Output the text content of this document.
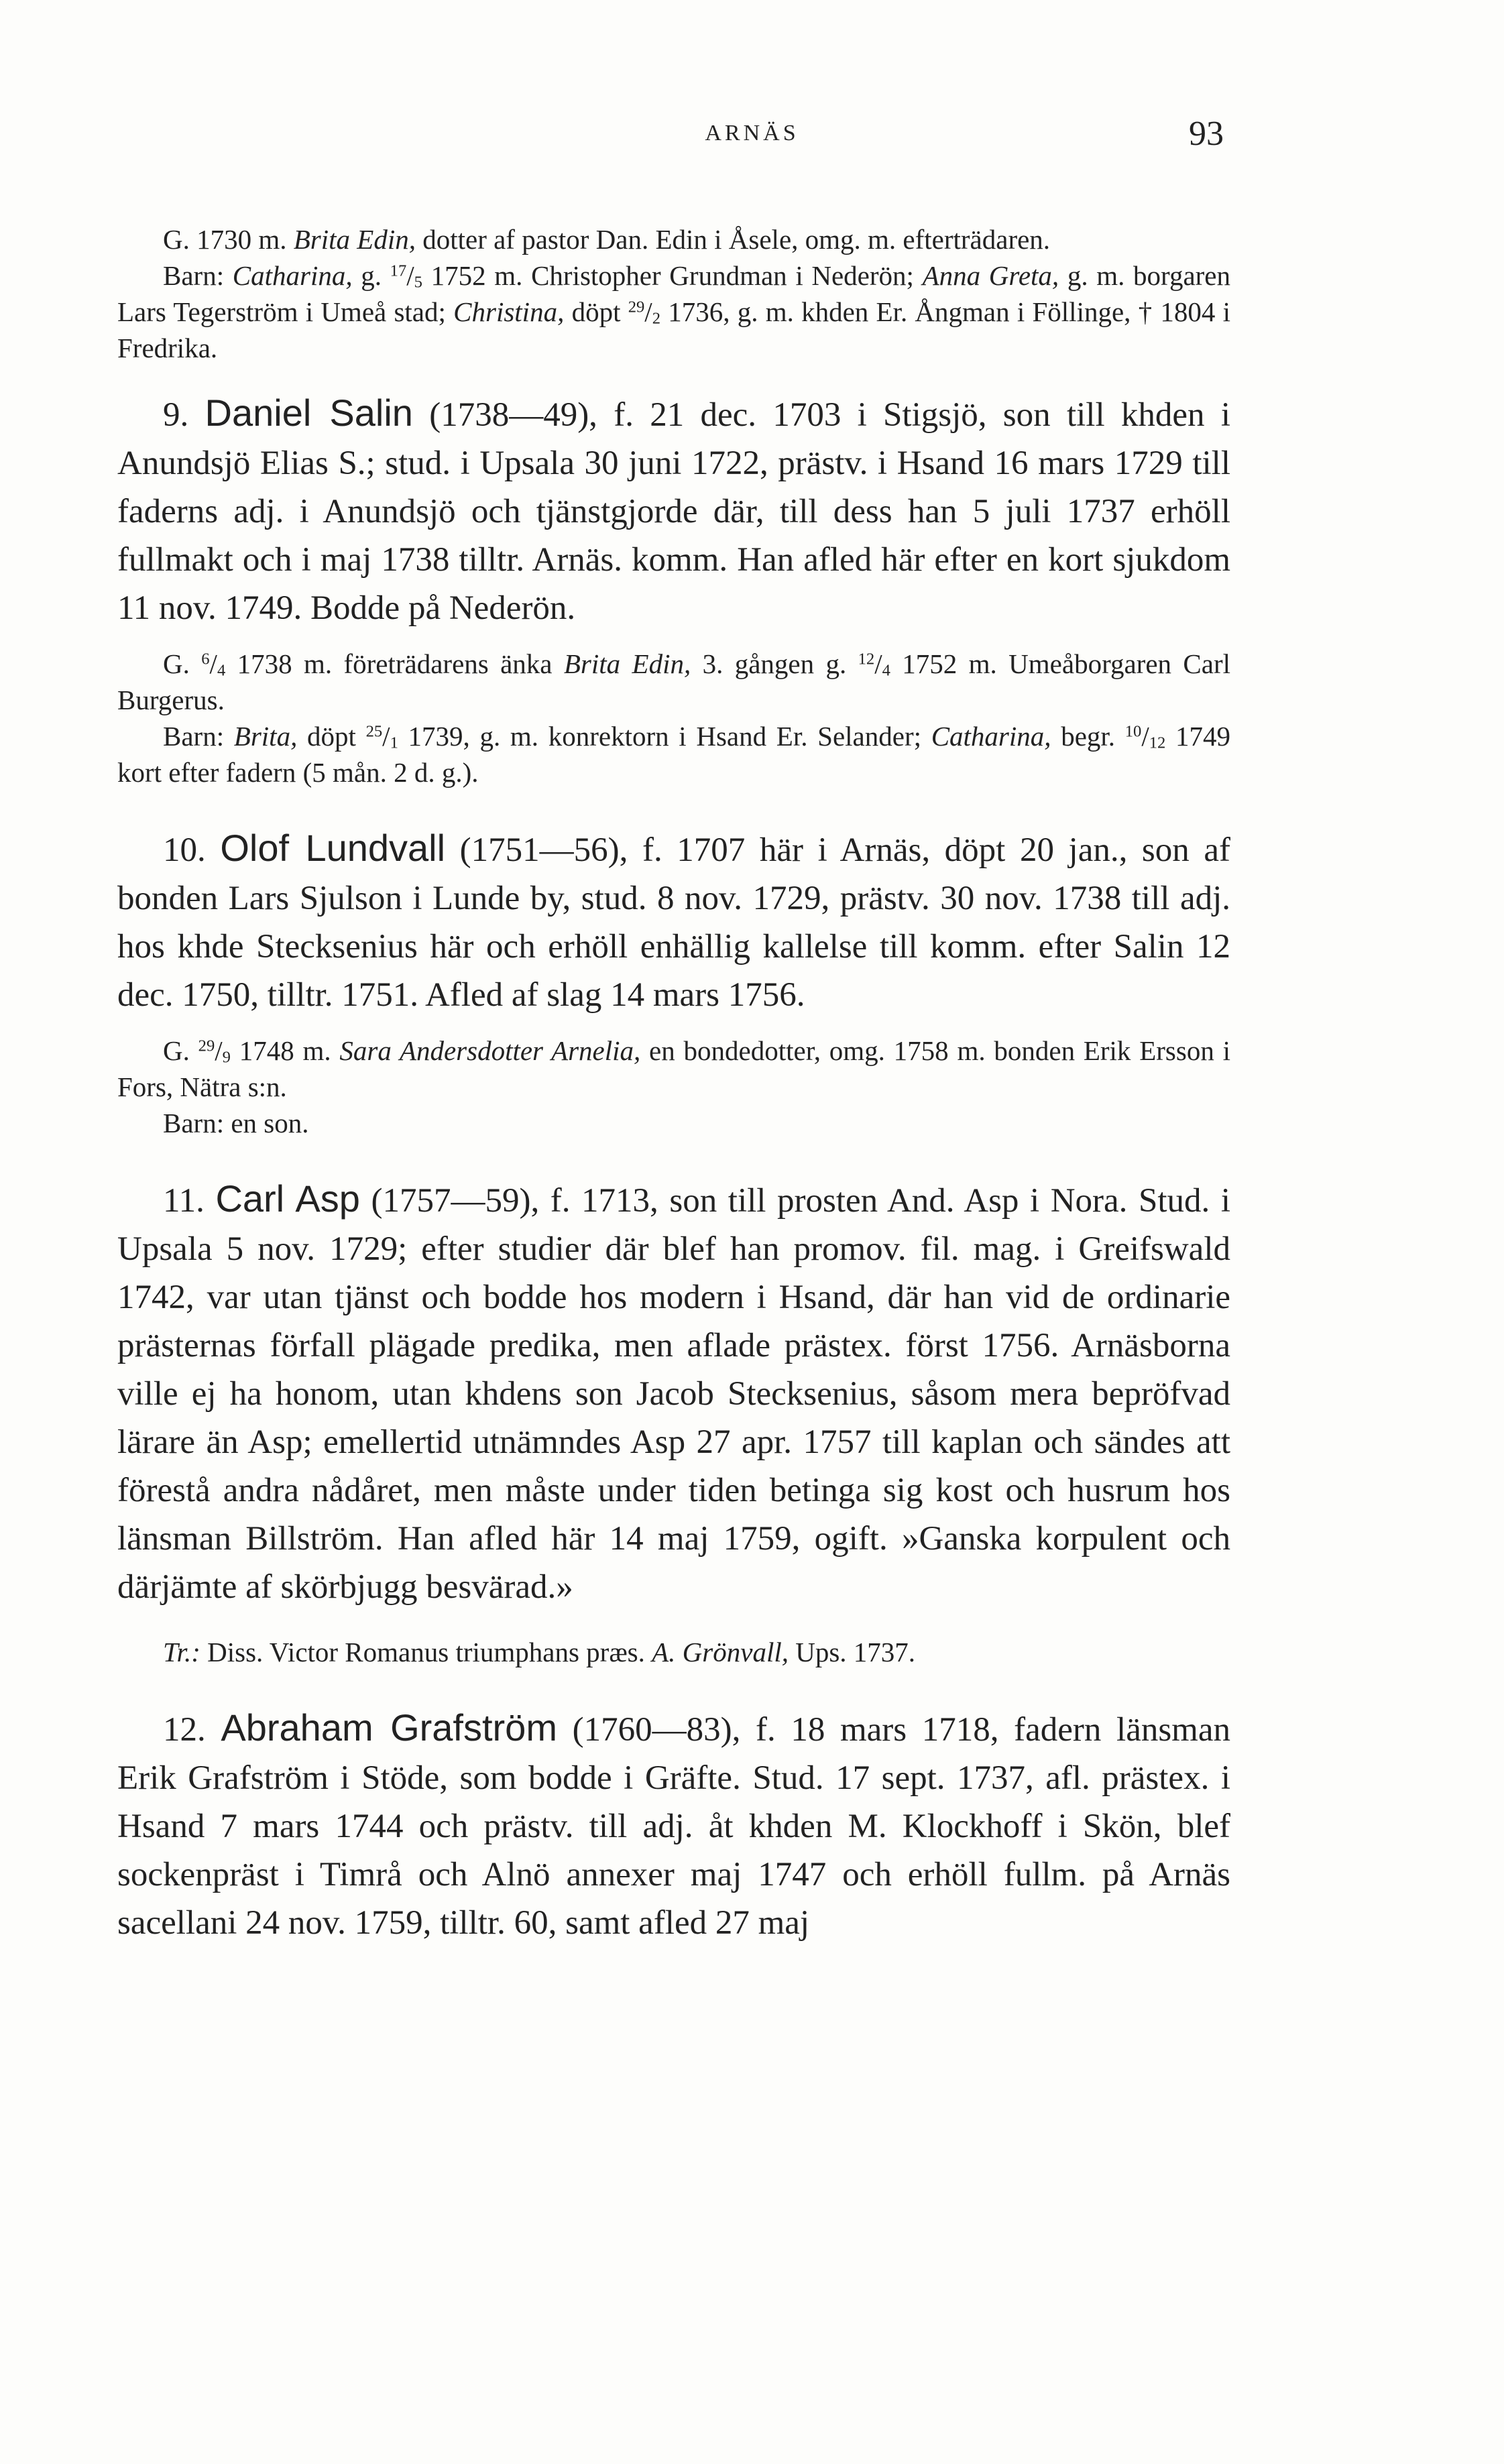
ARNÄS	93

G. 1730 m. Brita Edin, dotter af pastor Dan. Edin i Åsele, omg. m. efterträdaren.

Barn: Catharina, g. $^{17}$/5 1752 m. Christopher Grundman i Nederön; Anna Greta, g. m. borgaren Lars Tegerström i Umeå stad; Christina, döpt $^{29}$/2 1736, g. m. khden Er. Ångman i Föllinge, † 1804 i Fredrika.

9. Daniel Salin (1738—49), f. 21 dec. 1703 i Stigsjö, son till khden i Anundsjö Elias S.; stud. i Upsala 30 juni 1722, prästv. i Hsand 16 mars 1729 till faderns adj. i Anundsjö och tjänstgjorde där, till dess han 5 juli 1737 erhöll fullmakt och i maj 1738 tilltr. Arnäs. komm. Han afled här efter en kort sjukdom 11 nov. 1749. Bodde på Nederön.

G. $^6$/4 1738 m. företrädarens änka Brita Edin, 3. gången g. $^{12}$/4 1752 m. Umeåborgaren Carl Burgerus.

Barn: Brita, döpt $^{25}$/1 1739, g. m. konrektorn i Hsand Er. Selander; Catharina, begr. $^{10}$/12 1749 kort efter fadern (5 mån. 2 d. g.).

10. Olof Lundvall (1751—56), f. 1707 här i Arnäs, döpt 20 jan., son af bonden Lars Sjulson i Lunde by, stud. 8 nov. 1729, prästv. 30 nov. 1738 till adj. hos khde Stecksenius här och erhöll enhällig kallelse till komm. efter Salin 12 dec. 1750, tilltr. 1751. Afled af slag 14 mars 1756.

G. $^{29}$/9 1748 m. Sara Andersdotter Arnelia, en bondedotter, omg. 1758 m. bonden Erik Ersson i Fors, Nätra s:n.

Barn: en son.

11. Carl Asp (1757—59), f. 1713, son till prosten And. Asp i Nora. Stud. i Upsala 5 nov. 1729; efter studier där blef han promov. fil. mag. i Greifswald 1742, var utan tjänst och bodde hos modern i Hsand, där han vid de ordinarie prästernas förfall plägade predika, men aflade prästex. först 1756. Arnäsborna ville ej ha honom, utan khdens son Jacob Stecksenius, såsom mera bepröfvad lärare än Asp; emellertid utnämndes Asp 27 apr. 1757 till kaplan och sändes att förestå andra nådåret, men måste under tiden betinga sig kost och husrum hos länsman Billström. Han afled här 14 maj 1759, ogift. »Ganska korpulent och därjämte af skörbjugg besvärad.»

Tr.: Diss. Victor Romanus triumphans præs. A. Grönvall, Ups. 1737.

12. Abraham Grafström (1760—83), f. 18 mars 1718, fadern länsman Erik Grafström i Stöde, som bodde i Gräfte. Stud. 17 sept. 1737, afl. prästex. i Hsand 7 mars 1744 och prästv. till adj. åt khden M. Klockhoff i Skön, blef sockenpräst i Timrå och Alnö annexer maj 1747 och erhöll fullm. på Arnäs sacellani 24 nov. 1759, tilltr. 60, samt afled 27 maj
